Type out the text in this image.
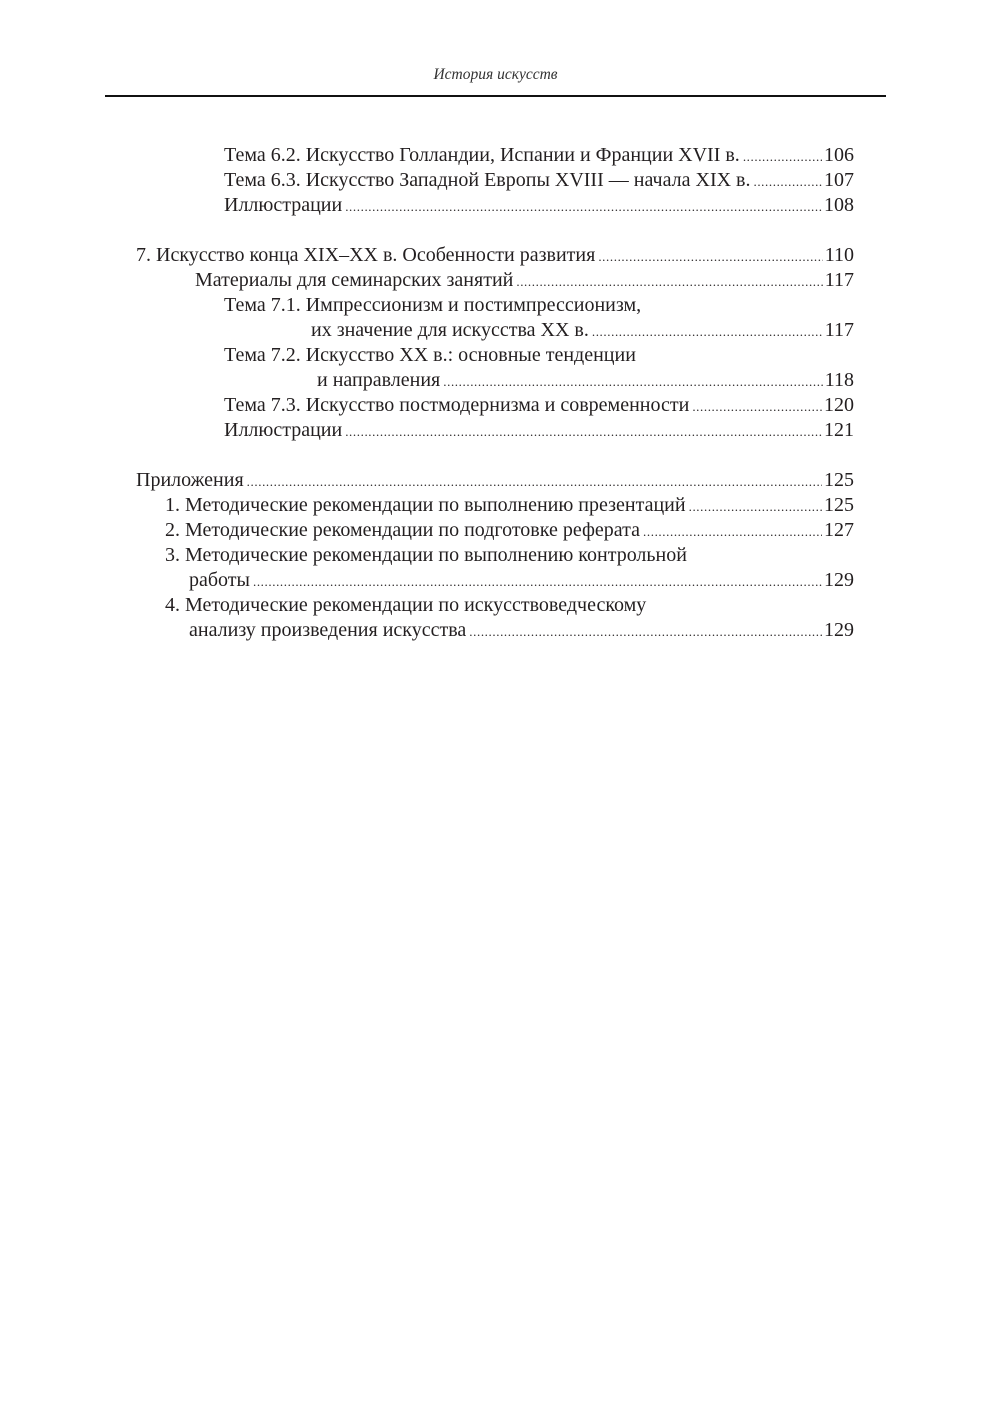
История искусств
Тема 6.2. Искусство Голландии, Испании и Франции XVII в. .....	106
Тема 6.3. Искусство Западной Европы XVIII — начала XIX в. .....	107
Иллюстрации .....	108
7. Искусство конца XIX–XX в. Особенности развития .....	110
Материалы для семинарских занятий .....	117
Тема 7.1. Импрессионизм и постимпрессионизм,
их значение для искусства XX в. .....	117
Тема 7.2. Искусство XX в.: основные тенденции
и направления .....	118
Тема 7.3. Искусство постмодернизма и современности .....	120
Иллюстрации .....	121
Приложения .....	125
1. Методические рекомендации по выполнению презентаций .....	125
2. Методические рекомендации по подготовке реферата .....	127
3. Методические рекомендации по выполнению контрольной
работы .....	129
4. Методические рекомендации по искусствоведческому
анализу произведения искусства .....	129
